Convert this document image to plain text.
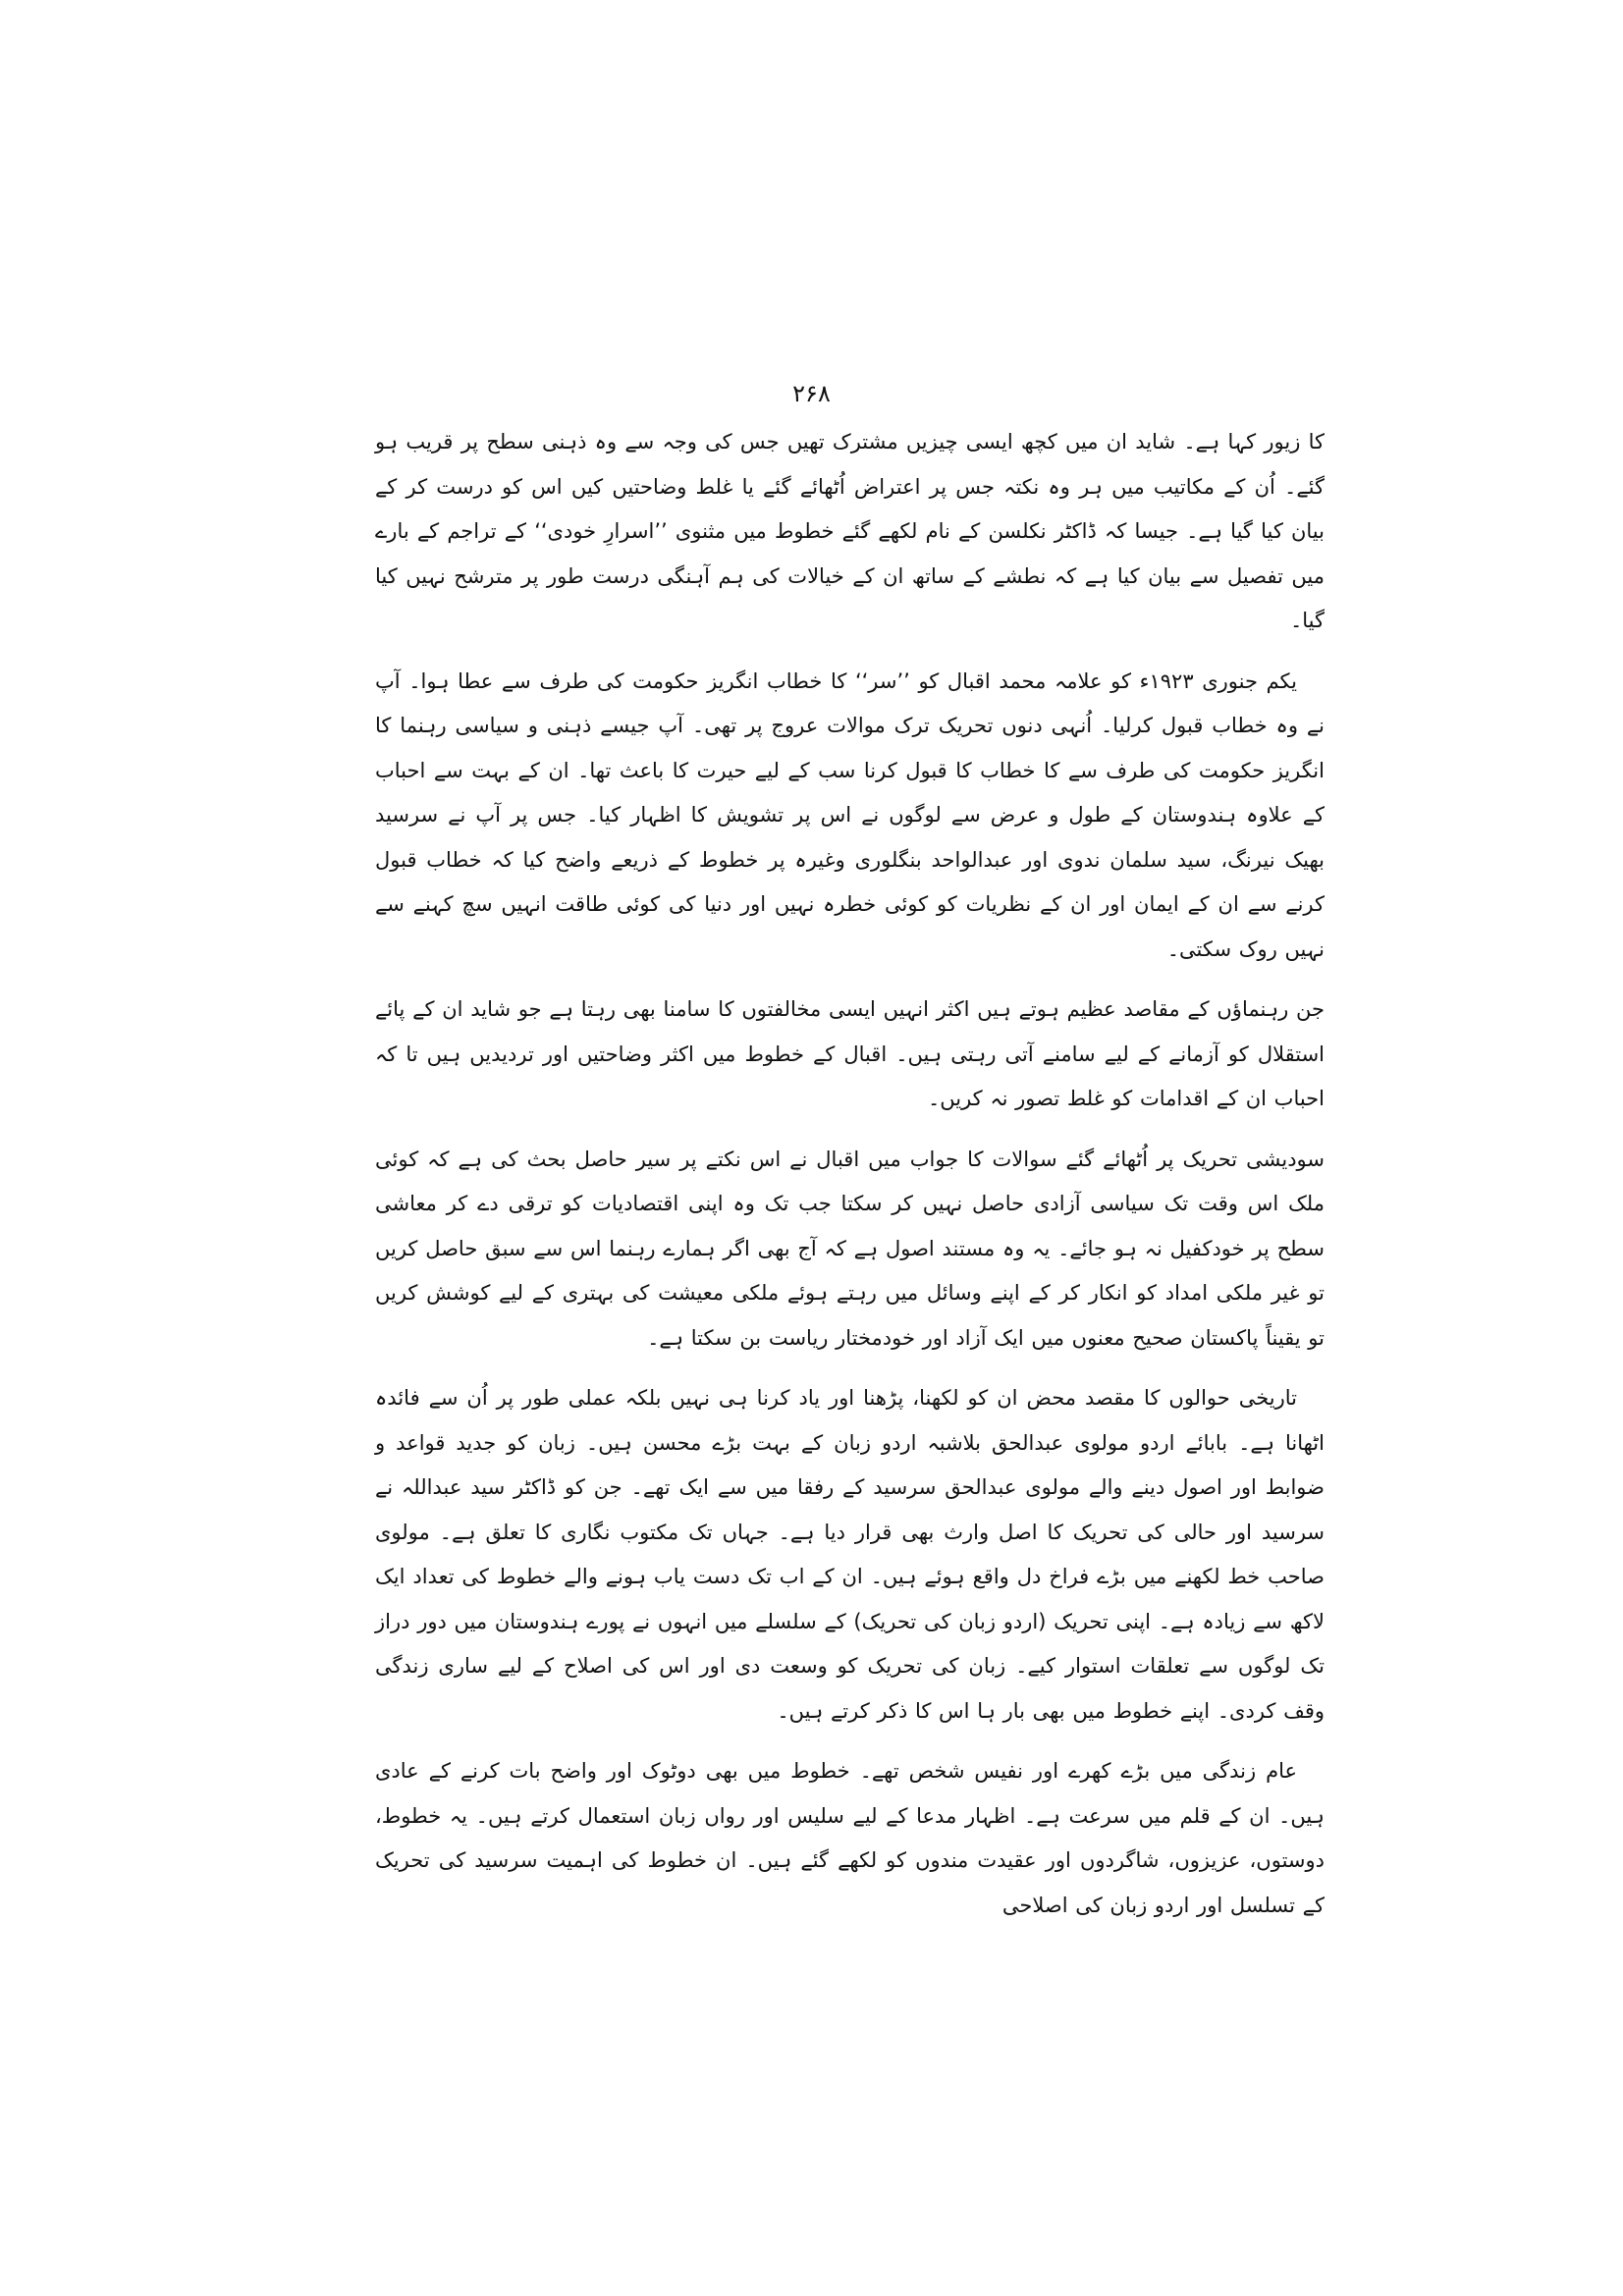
۲۶۸

کا زیور کہا ہے۔ شاید ان میں کچھ ایسی چیزیں مشترک تھیں جس کی وجہ سے وہ ذہنی سطح پر قریب ہو گئے۔ اُن کے مکاتیب میں ہر وہ نکتہ جس پر اعتراض اُٹھائے گئے یا غلط وضاحتیں کیں اس کو درست کر کے بیان کیا گیا ہے۔ جیسا کہ ڈاکٹر نکلسن کے نام لکھے گئے خطوط میں مثنوی ’’اسرارِ خودی‘‘ کے تراجم کے بارے میں تفصیل سے بیان کیا ہے کہ نطشے کے ساتھ ان کے خیالات کی ہم آہنگی درست طور پر مترشح نہیں کیا گیا۔

یکم جنوری ۱۹۲۳ء کو علامہ محمد اقبال کو ’’سر‘‘ کا خطاب انگریز حکومت کی طرف سے عطا ہوا۔ آپ نے وہ خطاب قبول کرلیا۔ اُنہی دنوں تحریک ترک موالات عروج پر تھی۔ آپ جیسے ذہنی و سیاسی رہنما کا انگریز حکومت کی طرف سے کا خطاب کا قبول کرنا سب کے لیے حیرت کا باعث تھا۔ ان کے بہت سے احباب کے علاوہ ہندوستان کے طول و عرض سے لوگوں نے اس پر تشویش کا اظہار کیا۔ جس پر آپ نے سرسید بھیک نیرنگ، سید سلمان ندوی اور عبدالواحد بنگلوری وغیرہ پر خطوط کے ذریعے واضح کیا کہ خطاب قبول کرنے سے ان کے ایمان اور ان کے نظریات کو کوئی خطرہ نہیں اور دنیا کی کوئی طاقت انہیں سچ کہنے سے نہیں روک سکتی۔

جن رہنماؤں کے مقاصد عظیم ہوتے ہیں اکثر انہیں ایسی مخالفتوں کا سامنا بھی رہتا ہے جو شاید ان کے پائے استقلال کو آزمانے کے لیے سامنے آتی رہتی ہیں۔ اقبال کے خطوط میں اکثر وضاحتیں اور تردیدیں ہیں تا کہ احباب ان کے اقدامات کو غلط تصور نہ کریں۔

سودیشی تحریک پر اُٹھائے گئے سوالات کا جواب میں اقبال نے اس نکتے پر سیر حاصل بحث کی ہے کہ کوئی ملک اس وقت تک سیاسی آزادی حاصل نہیں کر سکتا جب تک وہ اپنی اقتصادیات کو ترقی دے کر معاشی سطح پر خودکفیل نہ ہو جائے۔ یہ وہ مستند اصول ہے کہ آج بھی اگر ہمارے رہنما اس سے سبق حاصل کریں تو غیر ملکی امداد کو انکار کر کے اپنے وسائل میں رہتے ہوئے ملکی معیشت کی بہتری کے لیے کوشش کریں تو یقیناً پاکستان صحیح معنوں میں ایک آزاد اور خودمختار ریاست بن سکتا ہے۔

تاریخی حوالوں کا مقصد محض ان کو لکھنا، پڑھنا اور یاد کرنا ہی نہیں بلکہ عملی طور پر اُن سے فائدہ اٹھانا ہے۔ بابائے اردو مولوی عبدالحق بلاشبہ اردو زبان کے بہت بڑے محسن ہیں۔ زبان کو جدید قواعد و ضوابط اور اصول دینے والے مولوی عبدالحق سرسید کے رفقا میں سے ایک تھے۔ جن کو ڈاکٹر سید عبداللہ نے سرسید اور حالی کی تحریک کا اصل وارث بھی قرار دیا ہے۔ جہاں تک مکتوب نگاری کا تعلق ہے۔ مولوی صاحب خط لکھنے میں بڑے فراخ دل واقع ہوئے ہیں۔ ان کے اب تک دست یاب ہونے والے خطوط کی تعداد ایک لاکھ سے زیادہ ہے۔ اپنی تحریک (اردو زبان کی تحریک) کے سلسلے میں انہوں نے پورے ہندوستان میں دور دراز تک لوگوں سے تعلقات استوار کیے۔ زبان کی تحریک کو وسعت دی اور اس کی اصلاح کے لیے ساری زندگی وقف کردی۔ اپنے خطوط میں بھی بار ہا اس کا ذکر کرتے ہیں۔

عام زندگی میں بڑے کھرے اور نفیس شخص تھے۔ خطوط میں بھی دوٹوک اور واضح بات کرنے کے عادی ہیں۔ ان کے قلم میں سرعت ہے۔ اظہار مدعا کے لیے سلیس اور رواں زبان استعمال کرتے ہیں۔ یہ خطوط، دوستوں، عزیزوں، شاگردوں اور عقیدت مندوں کو لکھے گئے ہیں۔ ان خطوط کی اہمیت سرسید کی تحریک کے تسلسل اور اردو زبان کی اصلاحی
